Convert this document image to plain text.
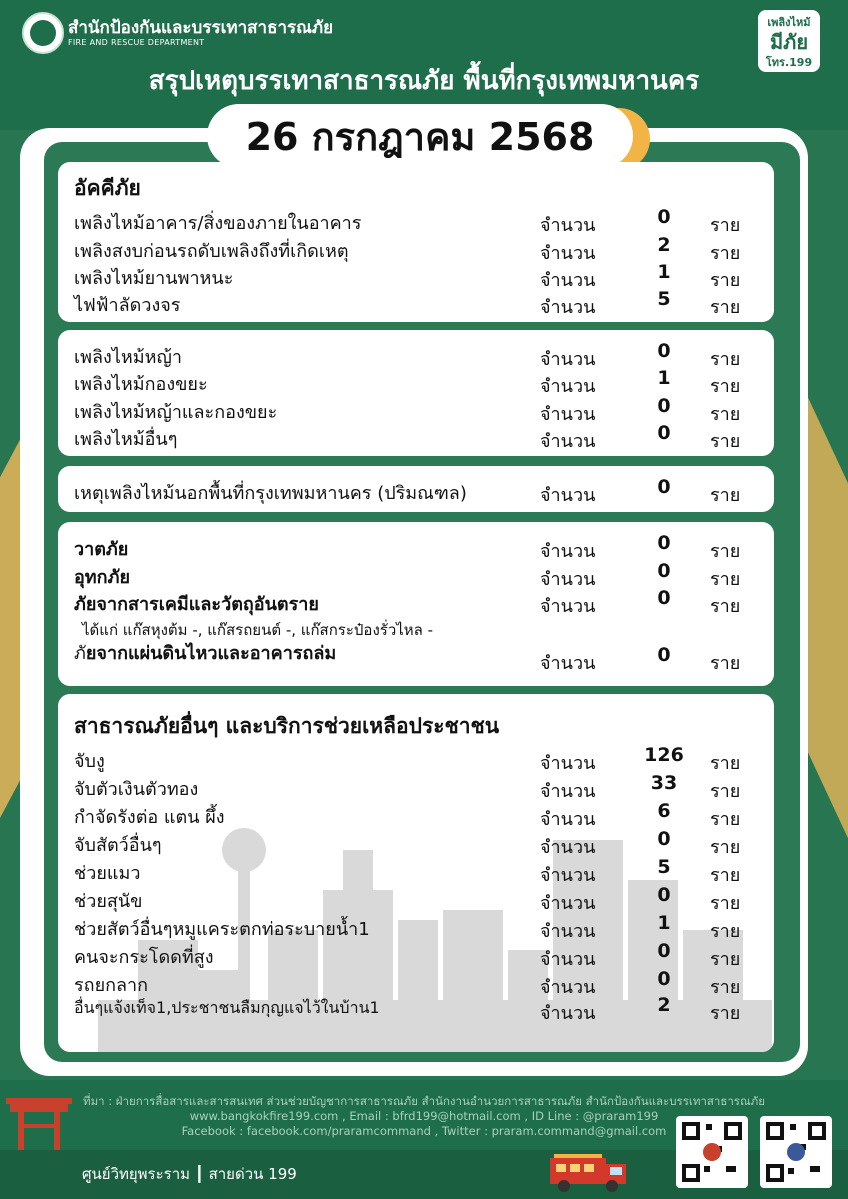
สำนักป้องกันและบรรเทาสาธารณภัย
FIRE AND RESCUE DEPARTMENT
เพลิงไหม้
มีภัย
โทร.199
สรุปเหตุบรรเทาสาธารณภัย พื้นที่กรุงเทพมหานคร
26 กรกฎาคม 2568
อัคคีภัย
เพลิงไหม้อาคาร/สิ่งของภายในอาคาร	จำนวน	0	ราย
เพลิงสงบก่อนรถดับเพลิงถึงที่เกิดเหตุ	จำนวน	2	ราย
เพลิงไหม้ยานพาหนะ	จำนวน	1	ราย
ไฟฟ้าลัดวงจร	จำนวน	5	ราย
เพลิงไหม้หญ้า	จำนวน	0	ราย
เพลิงไหม้กองขยะ	จำนวน	1	ราย
เพลิงไหม้หญ้าและกองขยะ	จำนวน	0	ราย
เพลิงไหม้อื่นๆ	จำนวน	0	ราย
เหตุเพลิงไหม้นอกพื้นที่กรุงเทพมหานคร (ปริมณฑล)	จำนวน	0	ราย
วาตภัย	จำนวน	0	ราย
อุทกภัย	จำนวน	0	ราย
ภัยจากสารเคมีและวัตถุอันตราย	จำนวน	0	ราย
ได้แก่ แก๊สหุงต้ม -, แก๊สรถยนต์ -, แก๊สกระป๋องรั่วไหล -
ภัยจากแผ่นดินไหวและอาคารถล่ม	จำนวน	0	ราย
สาธารณภัยอื่นๆ และบริการช่วยเหลือประชาชน
จับงู	จำนวน	126	ราย
จับตัวเงินตัวทอง	จำนวน	33	ราย
กำจัดรังต่อ แตน ผึ้ง	จำนวน	6	ราย
จับสัตว์อื่นๆ	จำนวน	0	ราย
ช่วยแมว	จำนวน	5	ราย
ช่วยสุนัข	จำนวน	0	ราย
ช่วยสัตว์อื่นๆหมูแคระตกท่อระบายน้ำ1	จำนวน	1	ราย
คนจะกระโดดที่สูง	จำนวน	0	ราย
รถยกลาก	จำนวน	0	ราย
อื่นๆแจ้งเท็จ1,ประชาชนลืมกุญแจไว้ในบ้าน1	จำนวน	2	ราย
ที่มา : ฝ่ายการสื่อสารและสารสนเทศ ส่วนช่วยบัญชาการสาธารณภัย สำนักงานอำนวยการสาธารณภัย สำนักป้องกันและบรรเทาสาธารณภัย
www.bangkokfire199.com , Email : bfrd199@hotmail.com , ID Line : @praram199
Facebook : facebook.com/praramcommand , Twitter : praram.command@gmail.com
ศูนย์วิทยุพระราม ┃ สายด่วน 199
